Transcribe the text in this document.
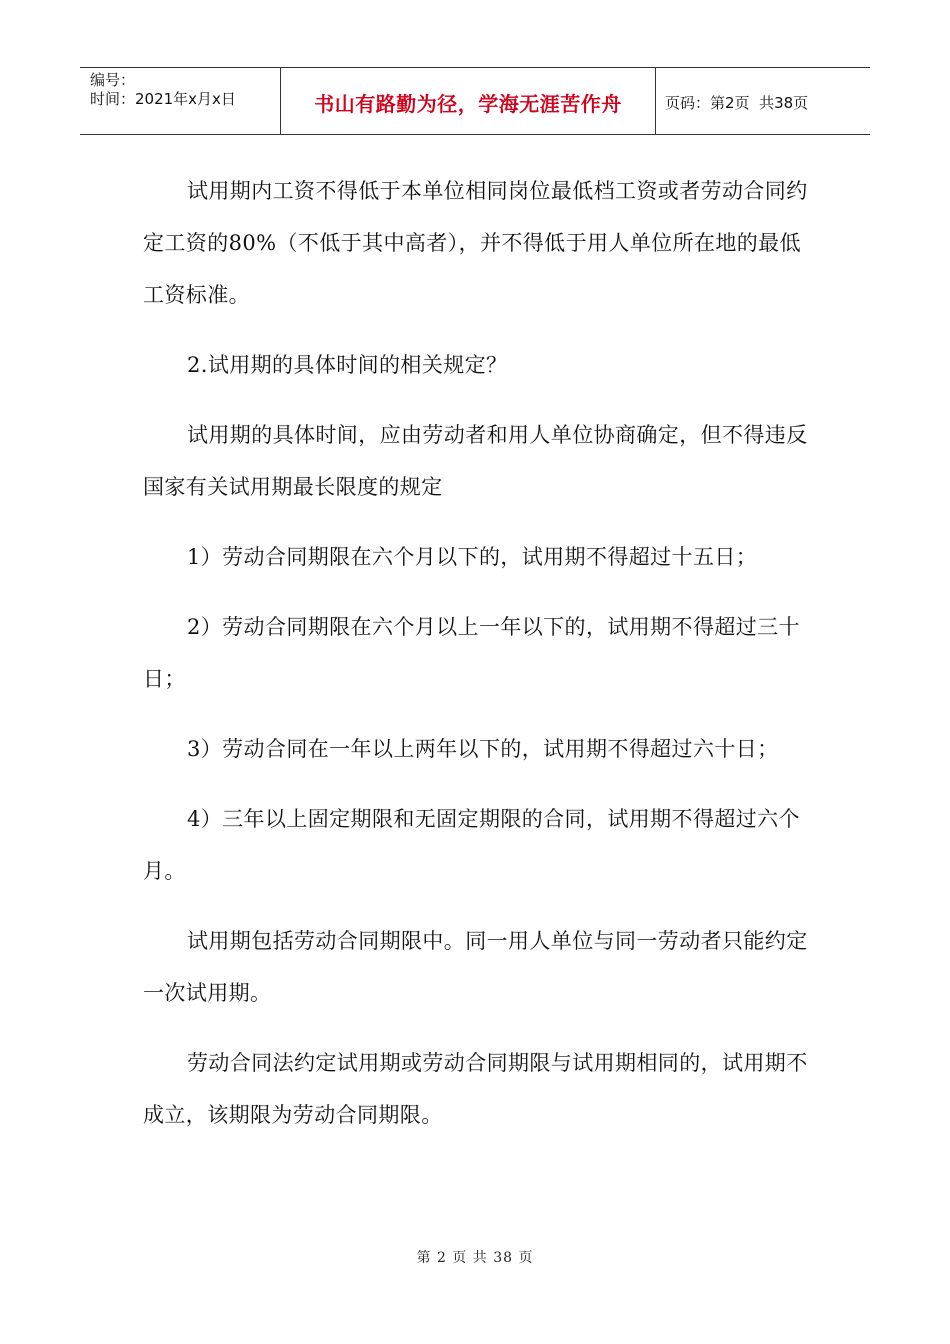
编号：
时间：2021年x月x日	书山有路勤为径，学海无涯苦作舟	页码：第2页  共38页

试用期内工资不得低于本单位相同岗位最低档工资或者劳动合同约定工资的80%（不低于其中高者），并不得低于用人单位所在地的最低工资标准。

2.试用期的具体时间的相关规定？

试用期的具体时间，应由劳动者和用人单位协商确定，但不得违反国家有关试用期最长限度的规定

1）劳动合同期限在六个月以下的，试用期不得超过十五日；

2）劳动合同期限在六个月以上一年以下的，试用期不得超过三十日；

3）劳动合同在一年以上两年以下的，试用期不得超过六十日；

4）三年以上固定期限和无固定期限的合同，试用期不得超过六个月。

试用期包括劳动合同期限中。同一用人单位与同一劳动者只能约定一次试用期。

劳动合同法约定试用期或劳动合同期限与试用期相同的，试用期不成立，该期限为劳动合同期限。

第 2 页 共 38 页
